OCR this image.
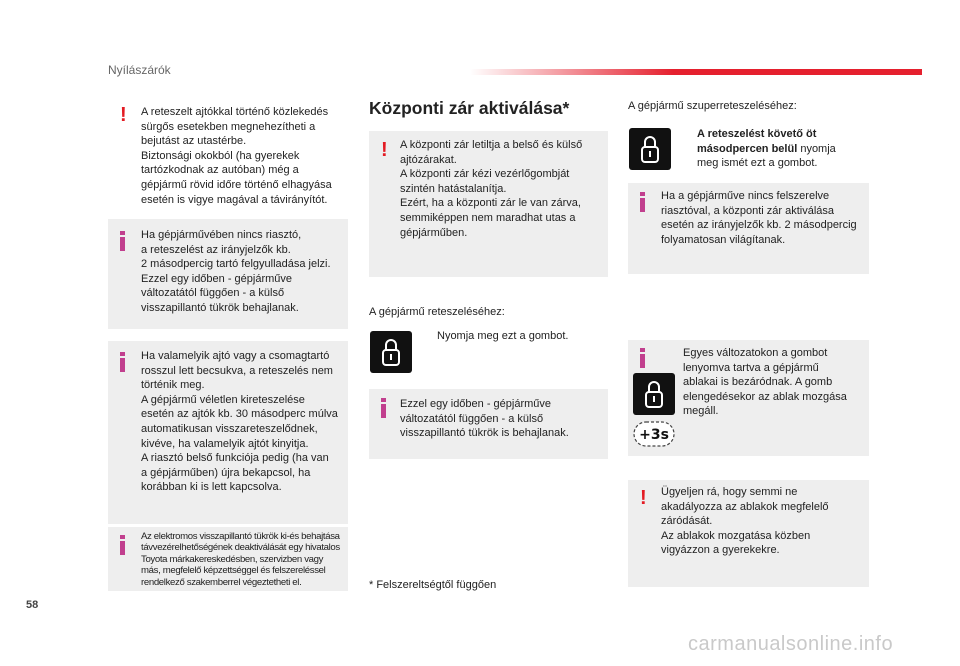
Nyílászárók
! A reteszelt ajtókkal történő közlekedés
sürgős esetekben megnehezítheti a
bejutást az utastérbe.
Biztonsági okokból (ha gyerekek
tartózkodnak az autóban) még a
gépjármű rövid időre történő elhagyása
esetén is vigye magával a távirányítót.
Ha gépjárművében nincs riasztó,
a reteszelést az irányjelzők kb.
2 másodpercig tartó felgyulladása jelzi.
Ezzel egy időben - gépjárműve
változatától függően - a külső
visszapillantó tükrök behajlanak.
Ha valamelyik ajtó vagy a csomagtartó
rosszul lett becsukva, a reteszelés nem
történik meg.
A gépjármű véletlen kireteszelése
esetén az ajtók kb. 30 másodperc múlva
automatikusan visszareteszelődnek,
kivéve, ha valamelyik ajtót kinyitja.
A riasztó belső funkciója pedig (ha van
a gépjárműben) újra bekapcsol, ha
korábban ki is lett kapcsolva.
Az elektromos visszapillantó tükrök ki-és behajtása
távvezérelhetőségének deaktiválását egy hivatalos
Toyota márkakereskedésben, szervizben vagy
más, megfelelő képzettséggel és felszereléssel
rendelkező szakemberrel végeztetheti el.
Központi zár aktiválása*
! A központi zár letiltja a belső és külső
ajtózárakat.
A központi zár kézi vezérlőgombját
szintén hatástalanítja.
Ezért, ha a központi zár le van zárva,
semmiképpen nem maradhat utas a
gépjárműben.
A gépjármű reteszeléséhez:
Nyomja meg ezt a gombot.
Ezzel egy időben - gépjárműve
változatától függően - a külső
visszapillantó tükrök is behajlanak.
* Felszereltségtől függően
A gépjármű szuperreteszeléséhez:
A reteszelést követő öt
másodpercen belül nyomja
meg ismét ezt a gombot.
Ha a gépjárműve nincs felszerelve
riasztóval, a központi zár aktiválása
esetén az irányjelzők kb. 2 másodpercig
folyamatosan világítanak.
Egyes változatokon a gombot
lenyomva tartva a gépjármű
ablakai is bezáródnak. A gomb
elengedésekor az ablak mozgása
megáll.
+3s
! Ügyeljen rá, hogy semmi ne
akadályozza az ablakok megfelelő
záródását.
Az ablakok mozgatása közben
vigyázzon a gyerekekre.
58
carmanualsonline.info
